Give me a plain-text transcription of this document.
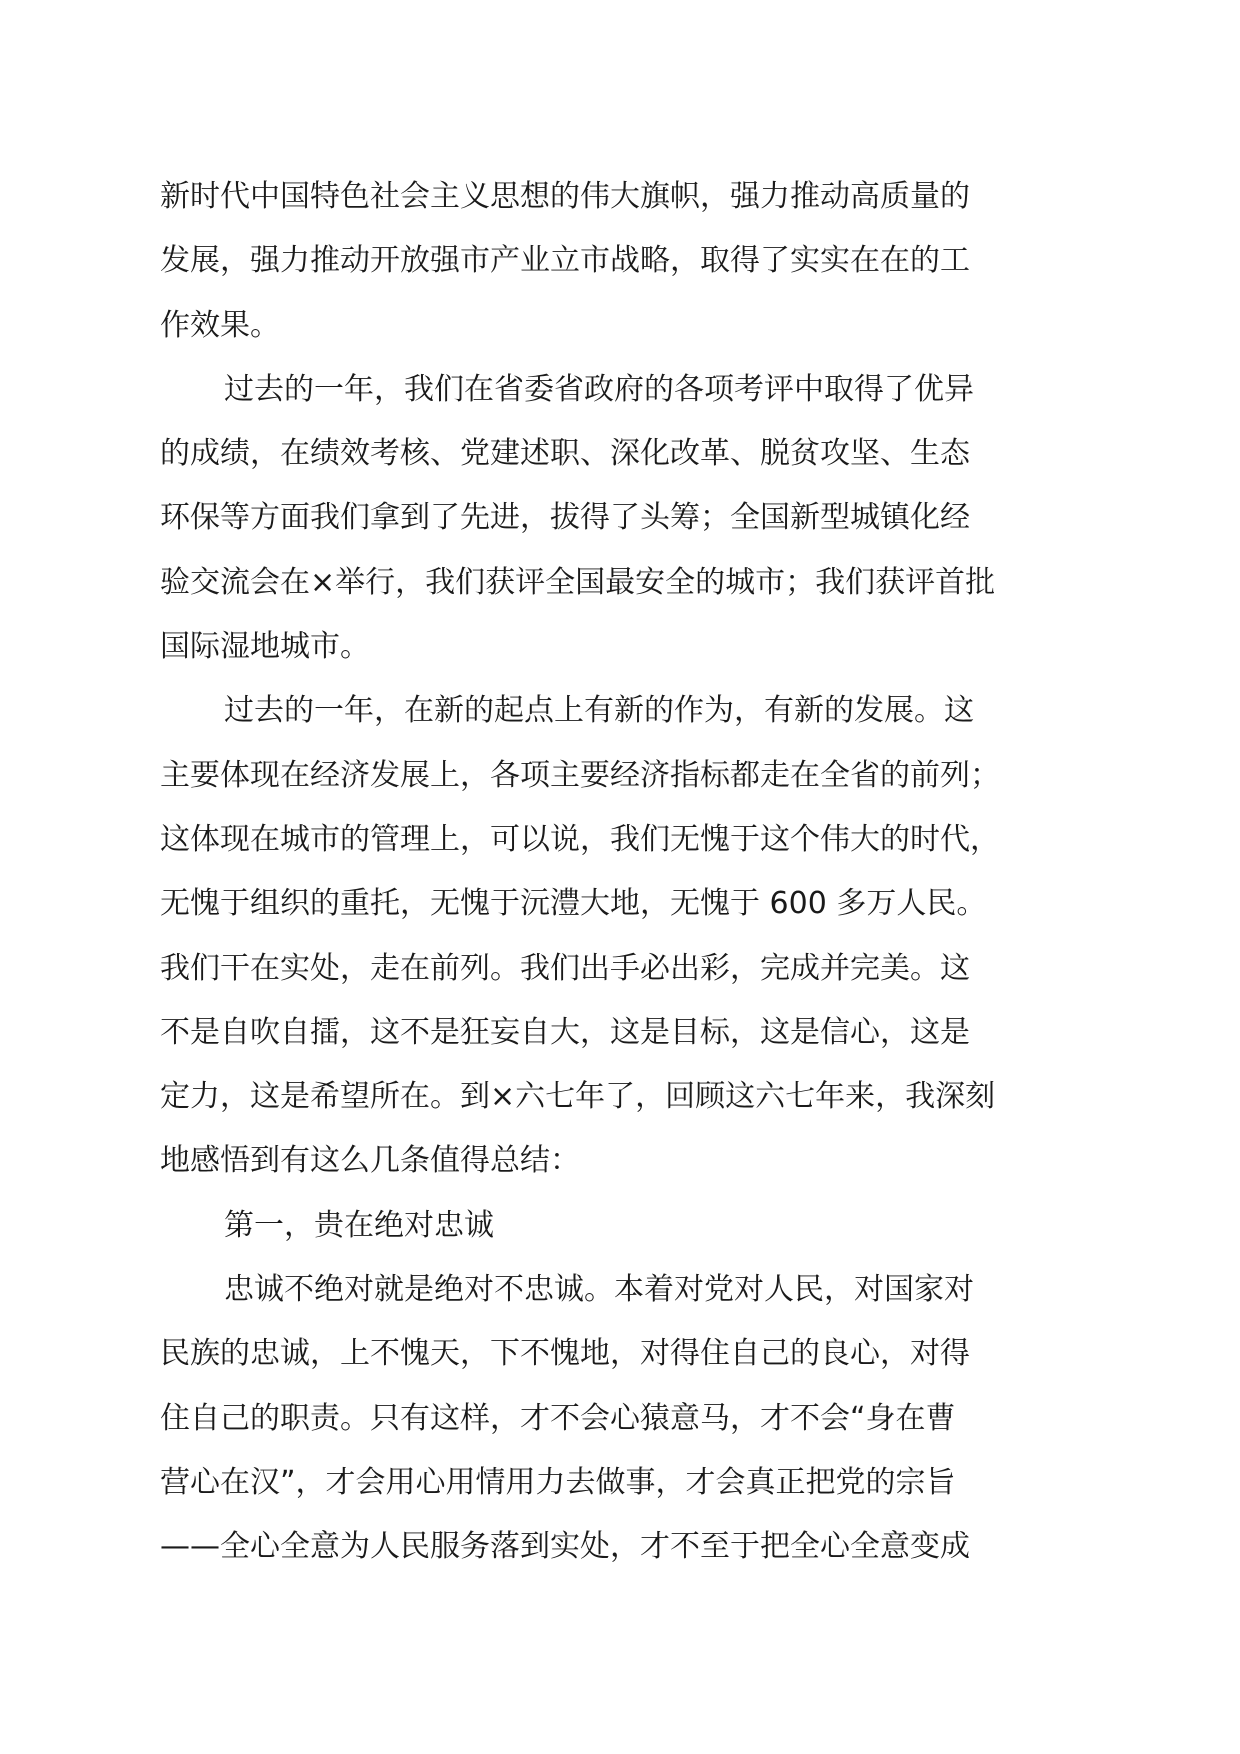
新时代中国特色社会主义思想的伟大旗帜，强力推动高质量的
发展，强力推动开放强市产业立市战略，取得了实实在在的工
作效果。
过去的一年，我们在省委省政府的各项考评中取得了优异
的成绩，在绩效考核、党建述职、深化改革、脱贫攻坚、生态
环保等方面我们拿到了先进，拔得了头筹；全国新型城镇化经
验交流会在×举行，我们获评全国最安全的城市；我们获评首批
国际湿地城市。
过去的一年，在新的起点上有新的作为，有新的发展。这
主要体现在经济发展上，各项主要经济指标都走在全省的前列；
这体现在城市的管理上，可以说，我们无愧于这个伟大的时代，
无愧于组织的重托，无愧于沅澧大地，无愧于 600 多万人民。
我们干在实处，走在前列。我们出手必出彩，完成并完美。这
不是自吹自擂，这不是狂妄自大，这是目标，这是信心，这是
定力，这是希望所在。到×六七年了，回顾这六七年来，我深刻
地感悟到有这么几条值得总结：
第一，贵在绝对忠诚
忠诚不绝对就是绝对不忠诚。本着对党对人民，对国家对
民族的忠诚，上不愧天，下不愧地，对得住自己的良心，对得
住自己的职责。只有这样，才不会心猿意马，才不会“身在曹
营心在汉”，才会用心用情用力去做事，才会真正把党的宗旨
——全心全意为人民服务落到实处，才不至于把全心全意变成
